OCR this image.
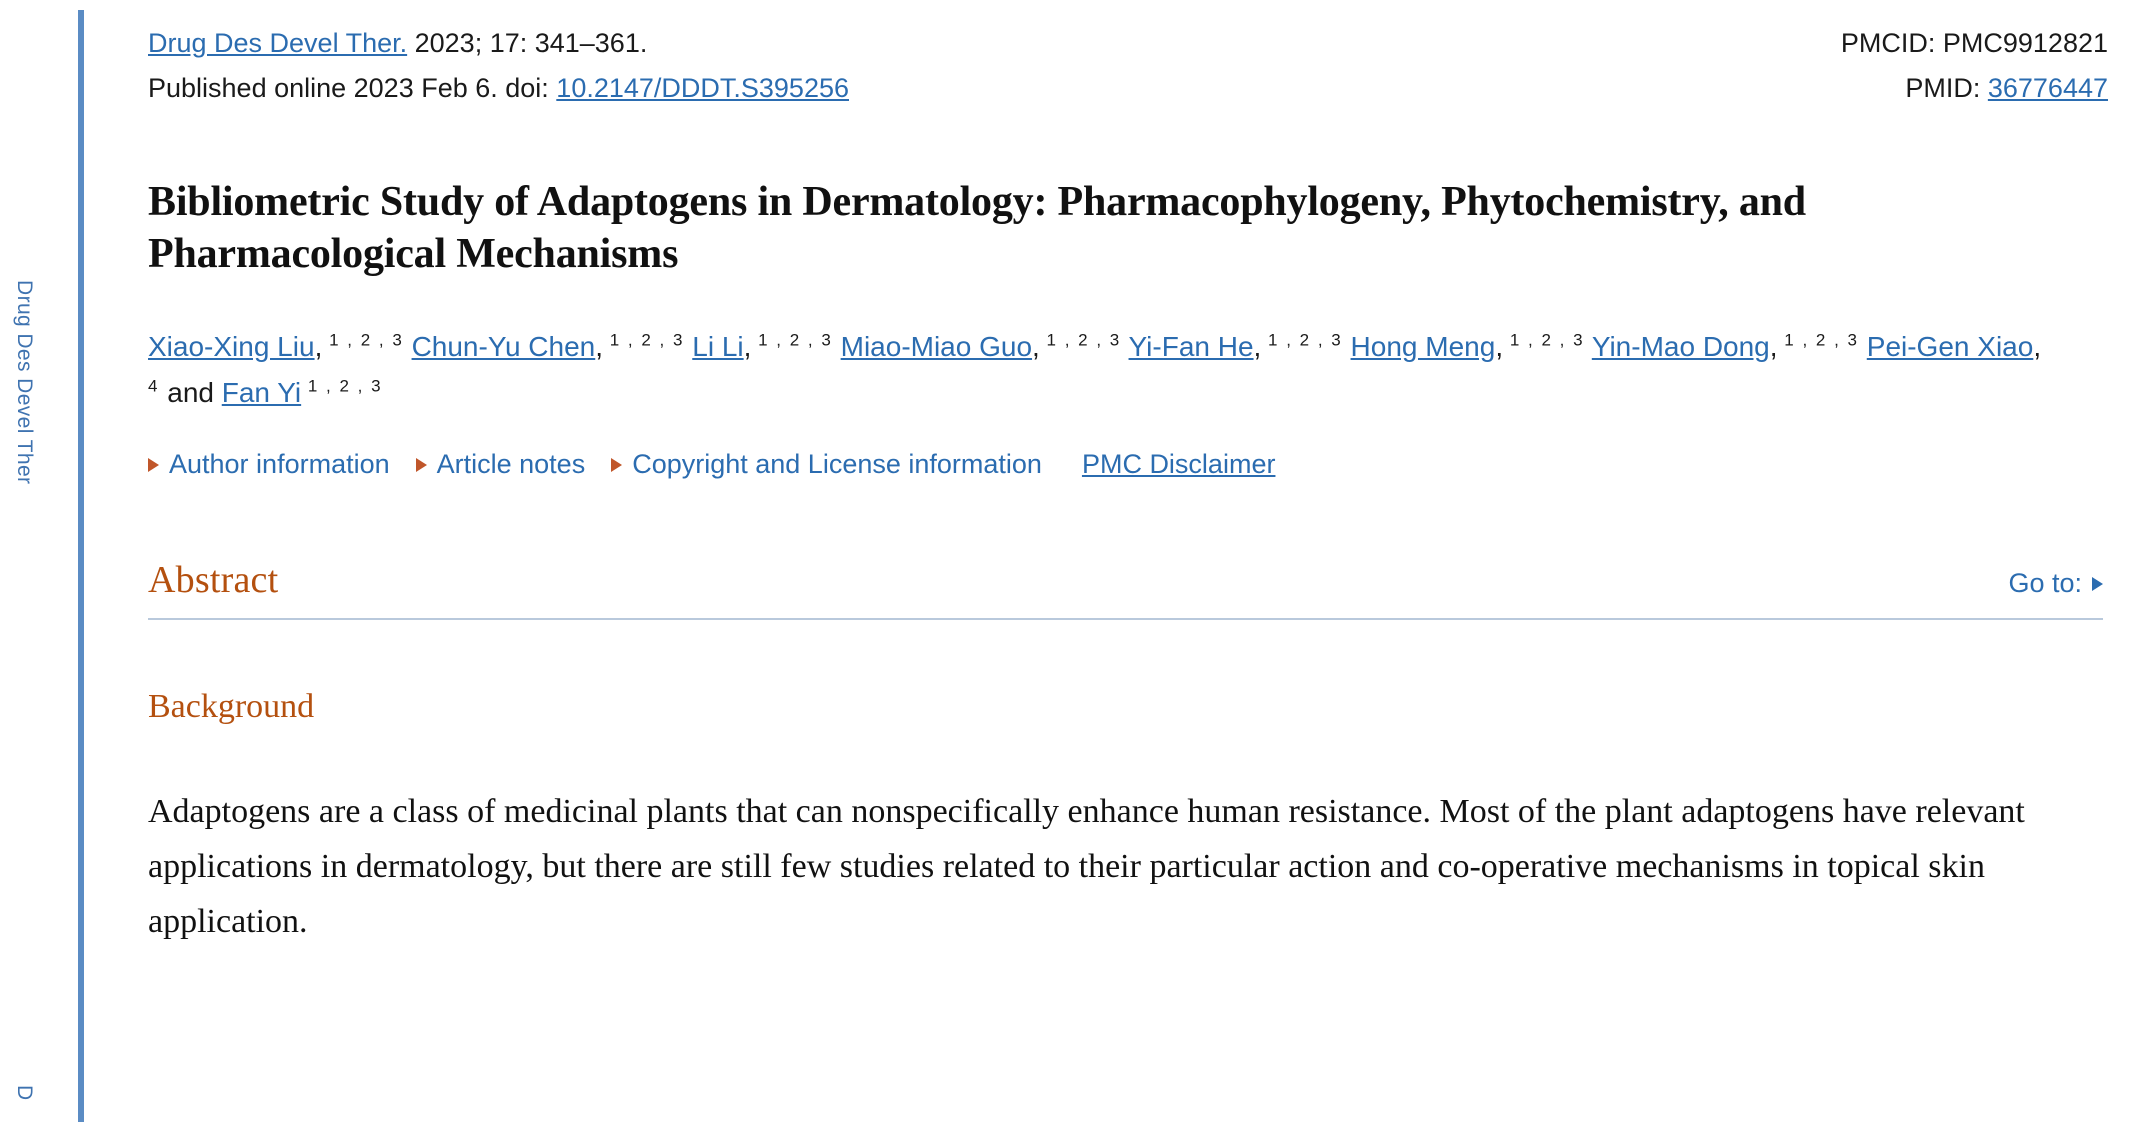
Drug Des Devel Ther
D
Drug Des Devel Ther. 2023; 17: 341–361.	PMCID: PMC9912821
Published online 2023 Feb 6. doi: 10.2147/DDDT.S395256	PMID: 36776447
Bibliometric Study of Adaptogens in Dermatology: Pharmacophylogeny, Phytochemistry, and Pharmacological Mechanisms
Xiao-Xing Liu, $^{1 , 2 , 3}$ Chun-Yu Chen, $^{1 , 2 , 3}$ Li Li, $^{1 , 2 , 3}$ Miao-Miao Guo, $^{1 , 2 , 3}$ Yi-Fan He, $^{1 , 2 , 3}$ Hong Meng, $^{1 , 2 , 3}$ Yin-Mao Dong, $^{1 , 2 , 3}$ Pei-Gen Xiao, $^4$ and Fan Yi $^{1 , 2 , 3}$
Author information Article notes Copyright and License information PMC Disclaimer
Abstract	Go to:
Background

Adaptogens are a class of medicinal plants that can nonspecifically enhance human resistance. Most of the plant adaptogens have relevant applications in dermatology, but there are still few studies related to their particular action and co-operative mechanisms in topical skin application.
